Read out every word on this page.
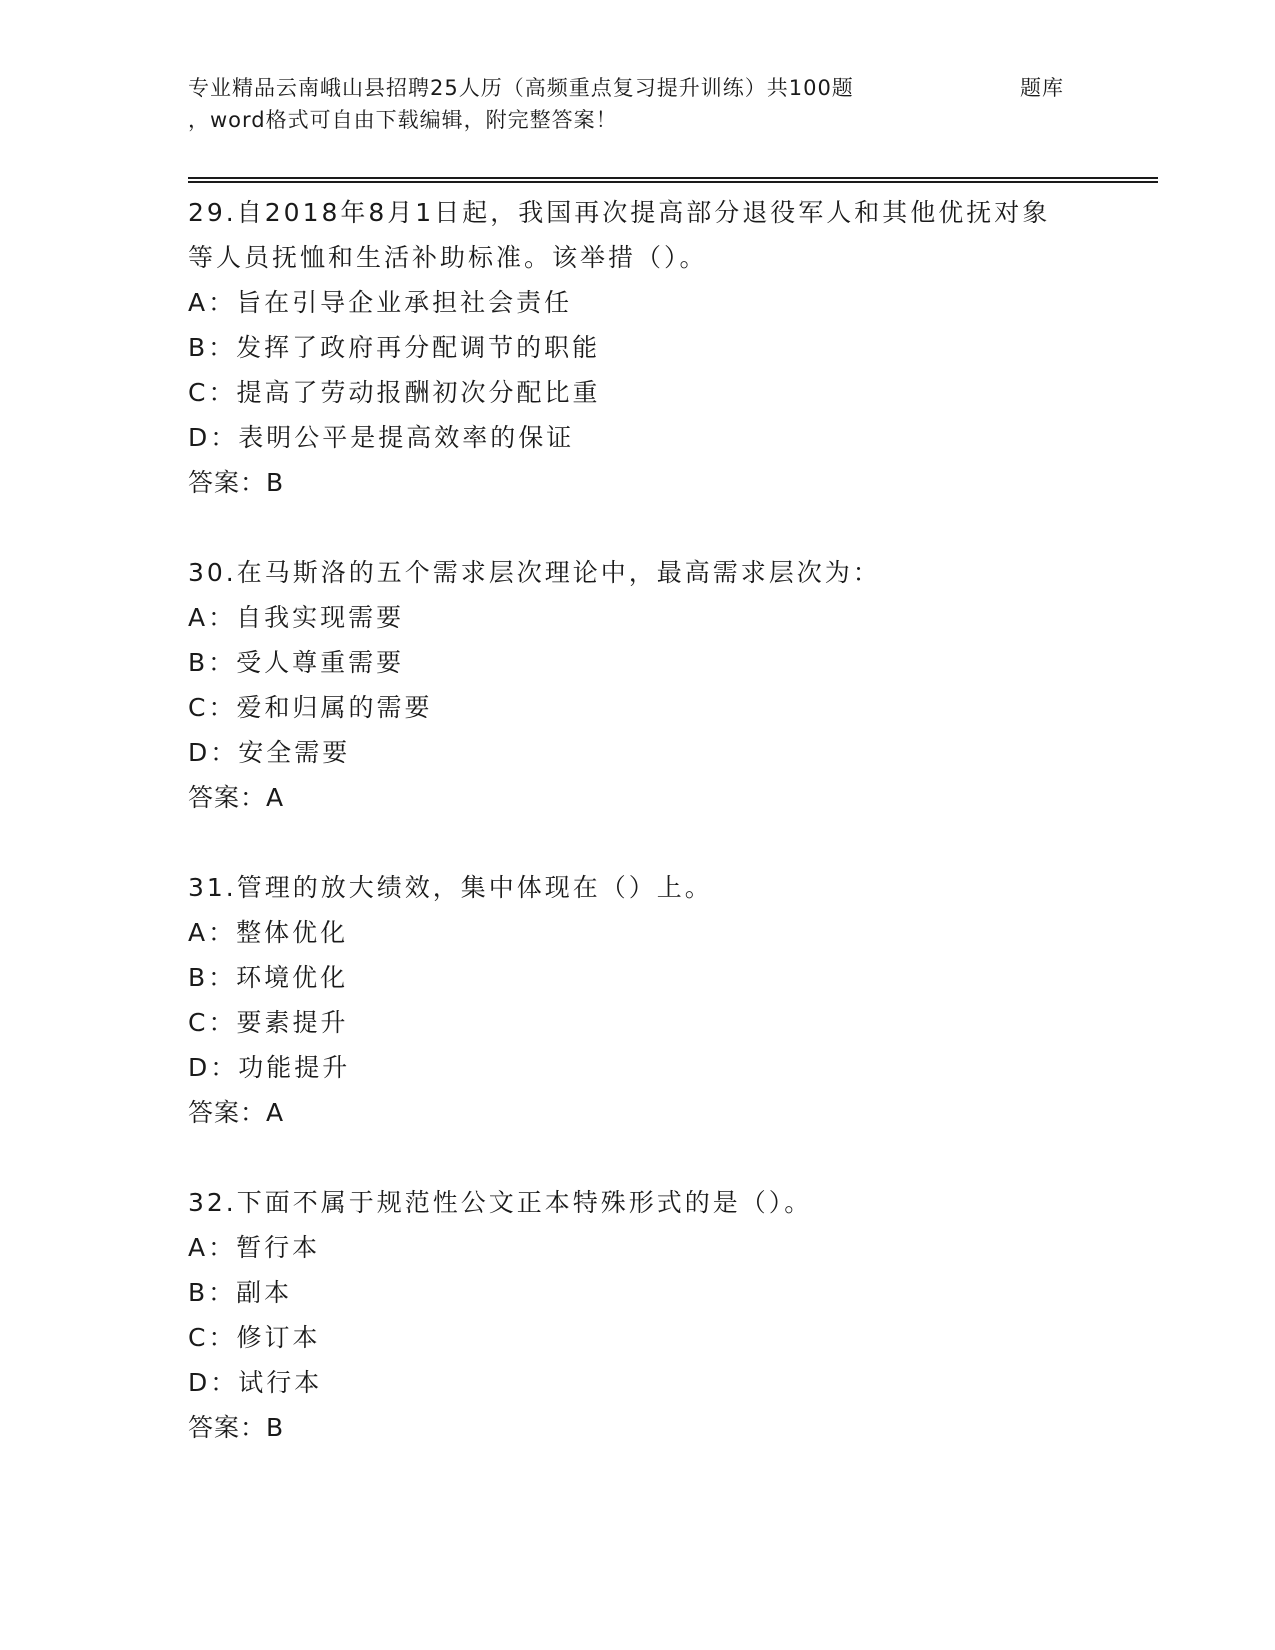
专业精品云南峨山县招聘25人历（高频重点复习提升训练）共100题	题库
，word格式可自由下载编辑，附完整答案！
29.自2018年8月1日起，我国再次提高部分退役军人和其他优抚对象等人员抚恤和生活补助标准。该举措（）。
A：旨在引导企业承担社会责任
B：发挥了政府再分配调节的职能
C：提高了劳动报酬初次分配比重
D：表明公平是提高效率的保证
答案：B
30.在马斯洛的五个需求层次理论中，最高需求层次为：
A：自我实现需要
B：受人尊重需要
C：爱和归属的需要
D：安全需要
答案：A
31.管理的放大绩效，集中体现在（）上。
A：整体优化
B：环境优化
C：要素提升
D：功能提升
答案：A
32.下面不属于规范性公文正本特殊形式的是（）。
A：暂行本
B：副本
C：修订本
D：试行本
答案：B
